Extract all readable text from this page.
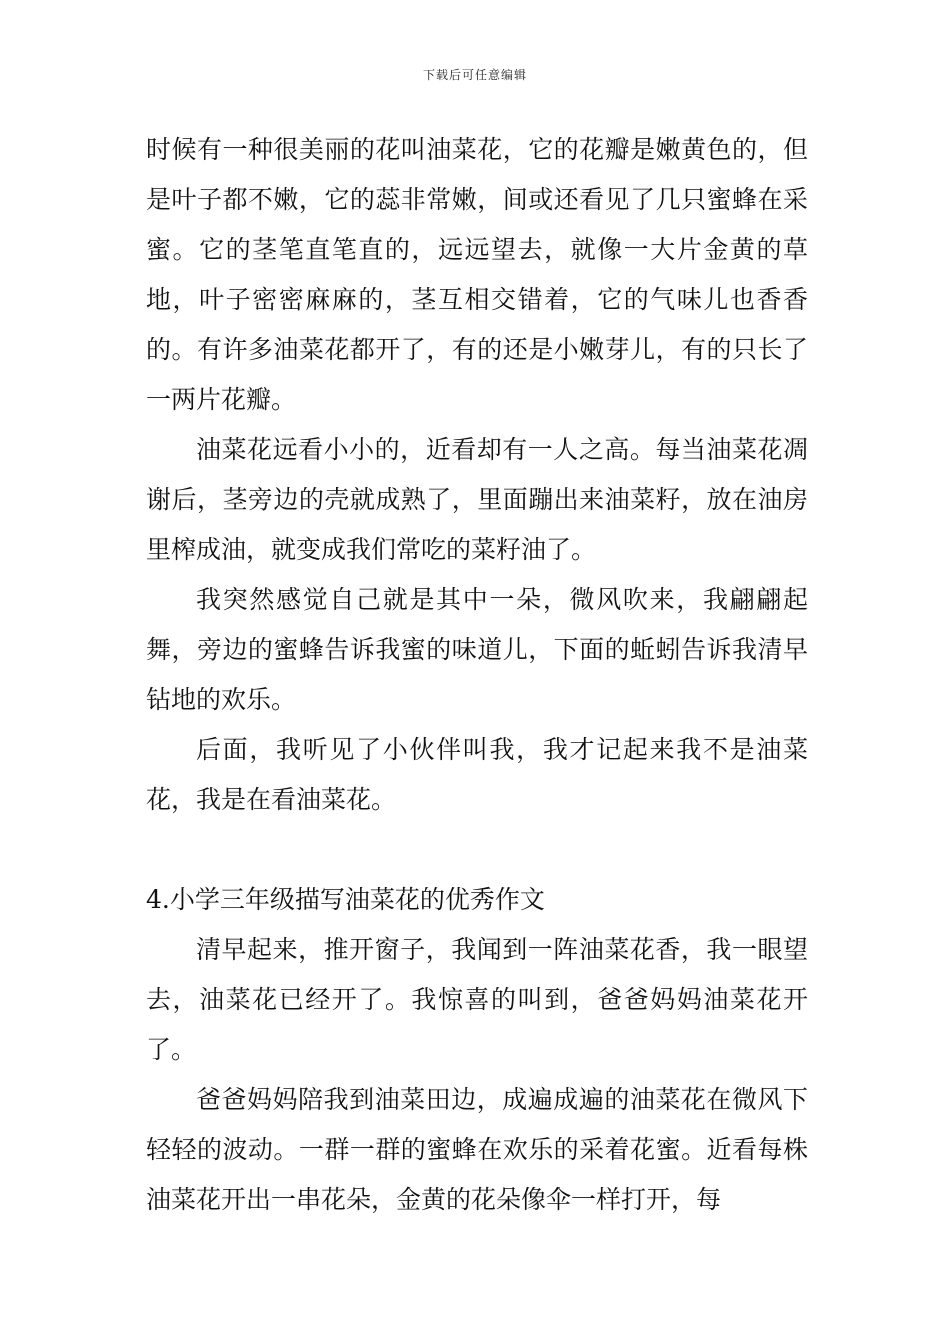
下载后可任意编辑

时候有一种很美丽的花叫油菜花，它的花瓣是嫩黄色的，但是叶子都不嫩，它的蕊非常嫩，间或还看见了几只蜜蜂在采蜜。它的茎笔直笔直的，远远望去，就像一大片金黄的草地，叶子密密麻麻的，茎互相交错着，它的气味儿也香香的。有许多油菜花都开了，有的还是小嫩芽儿，有的只长了一两片花瓣。

油菜花远看小小的，近看却有一人之高。每当油菜花凋谢后，茎旁边的壳就成熟了，里面蹦出来油菜籽，放在油房里榨成油，就变成我们常吃的菜籽油了。

我突然感觉自己就是其中一朵，微风吹来，我翩翩起舞，旁边的蜜蜂告诉我蜜的味道儿，下面的蚯蚓告诉我清早钻地的欢乐。

后面，我听见了小伙伴叫我，我才记起来我不是油菜花，我是在看油菜花。

4.小学三年级描写油菜花的优秀作文

清早起来，推开窗子，我闻到一阵油菜花香，我一眼望去，油菜花已经开了。我惊喜的叫到，爸爸妈妈油菜花开了。

爸爸妈妈陪我到油菜田边，成遍成遍的油菜花在微风下轻轻的波动。一群一群的蜜蜂在欢乐的采着花蜜。近看每株油菜花开出一串花朵，金黄的花朵像伞一样打开，每
